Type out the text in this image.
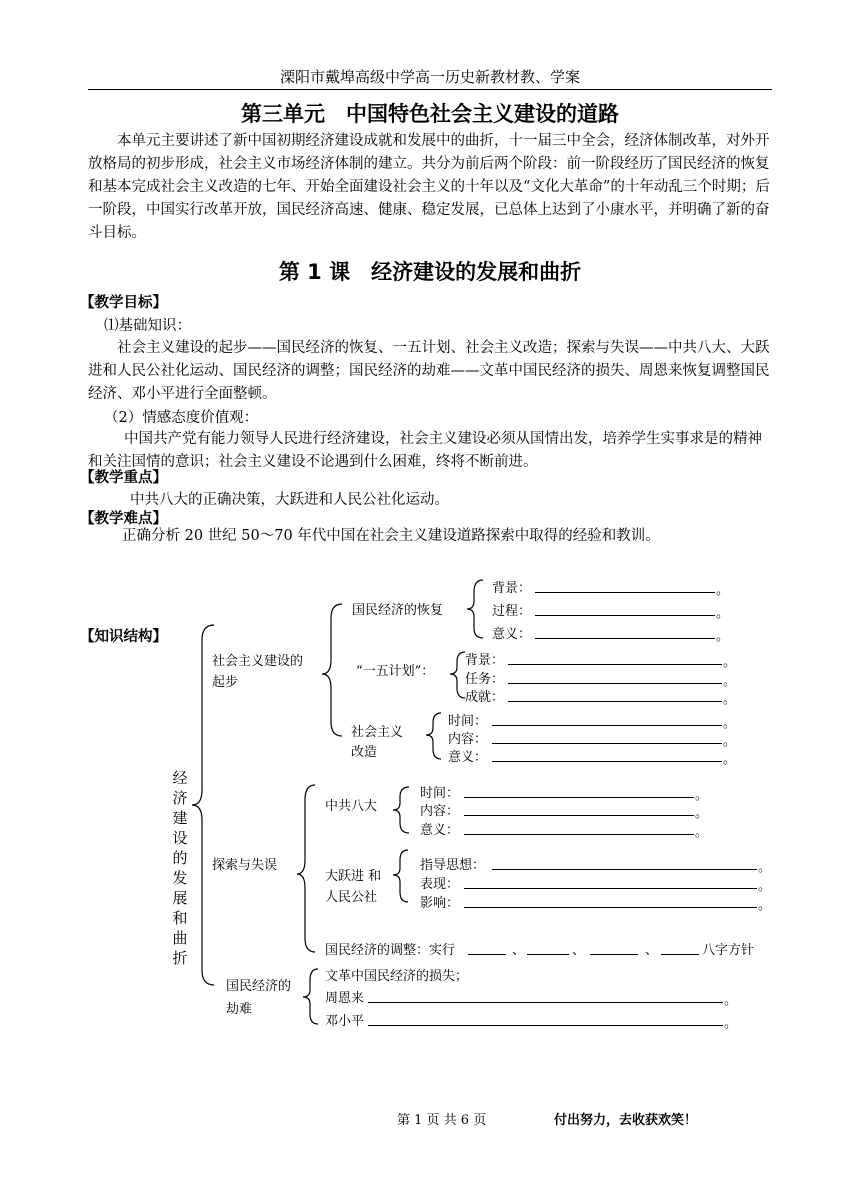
溧阳市戴埠高级中学高一历史新教材教、学案
第三单元　中国特色社会主义建设的道路

本单元主要讲述了新中国初期经济建设成就和发展中的曲折，十一届三中全会，经济体制改革，对外开放格局的初步形成，社会主义市场经济体制的建立。共分为前后两个阶段：前一阶段经历了国民经济的恢复和基本完成社会主义改造的七年、开始全面建设社会主义的十年以及“文化大革命”的十年动乱三个时期；后一阶段，中国实行改革开放，国民经济高速、健康、稳定发展，已总体上达到了小康水平，并明确了新的奋斗目标。

第 1 课　经济建设的发展和曲折
【教学目标】
⑴基础知识：

社会主义建设的起步——国民经济的恢复、一五计划、社会主义改造；探索与失误——中共八大、大跃进和人民公社化运动、国民经济的调整；国民经济的劫难——文革中国民经济的损失、周恩来恢复调整国民经济、邓小平进行全面整顿。

（2）情感态度价值观：

中国共产党有能力领导人民进行经济建设，社会主义建设必须从国情出发，培养学生实事求是的精神和关注国情的意识；社会主义建设不论遇到什么困难，终将不断前进。

【教学重点】
中共八大的正确决策，大跃进和人民公社化运动。
【教学难点】
正确分析 20 世纪 50～70 年代中国在社会主义建设道路探索中取得的经验和教训。
【知识结构】
经济建设的发展和曲折
社会主义建设的
起步
国民经济的恢复
背景：	。
过程：	。
意义：	。
“一五计划”：
背景：	。
任务：	。
成就：	。
社会主义
改造
时间：	。
内容：	。
意义：	。
探索与失误
中共八大
时间：	。
内容：	。
意义：	。
大跃进 和
人民公社
指导思想：	。
表现：	。
影响：	。
国民经济的调整：实行	、	、	、	八字方针
国民经济的
劫难
文革中国民经济的损失；
周恩来	。
邓小平	。
第 1 页 共 6 页	付出努力，去收获欢笑！
